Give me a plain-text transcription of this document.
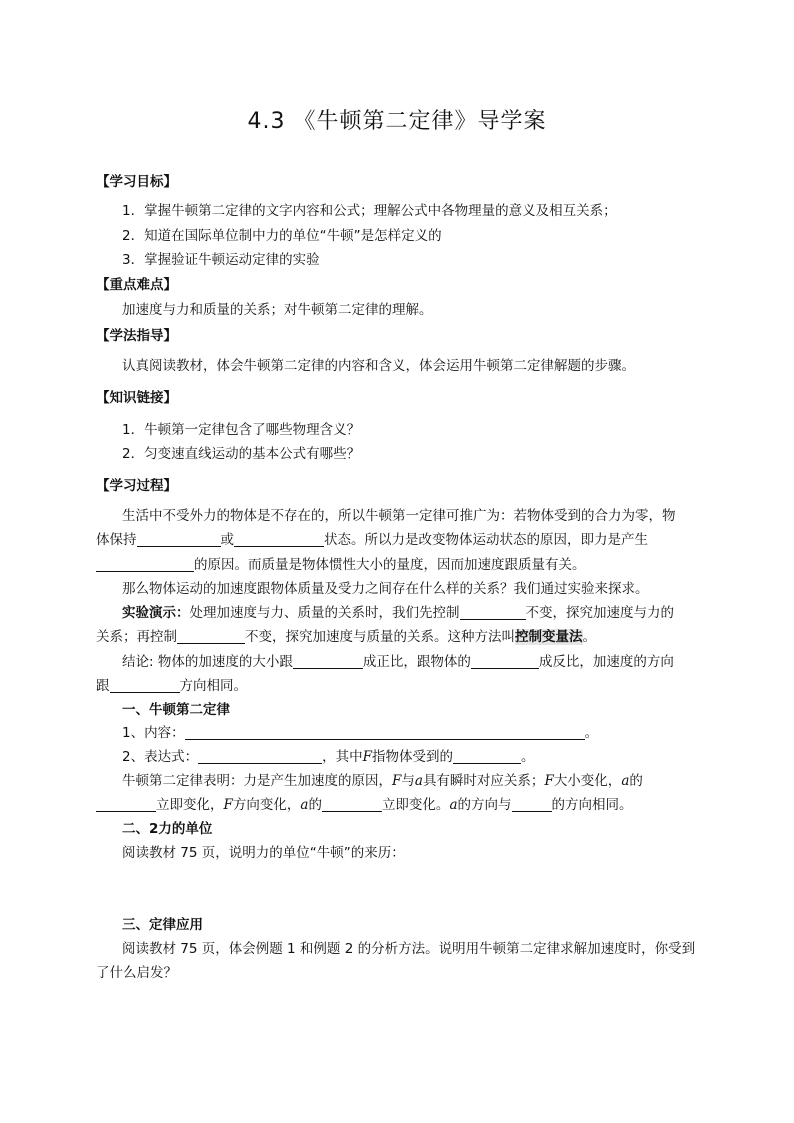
4.3 《牛顿第二定律》导学案
【学习目标】
1．掌握牛顿第二定律的文字内容和公式；理解公式中各物理量的意义及相互关系；
2．知道在国际单位制中力的单位“牛顿”是怎样定义的
3．掌握验证牛顿运动定律的实验
【重点难点】
加速度与力和质量的关系；对牛顿第二定律的理解。
【学法指导】
认真阅读教材，体会牛顿第二定律的内容和含义，体会运用牛顿第二定律解题的步骤。
【知识链接】
1．牛顿第一定律包含了哪些物理含义？
2．匀变速直线运动的基本公式有哪些？
【学习过程】
生活中不受外力的物体是不存在的，所以牛顿第一定律可推广为：若物体受到的合力为零，物
体保持	或	状态。所以力是改变物体运动状态的原因，即力是产生
的原因。而质量是物体惯性大小的量度，因而加速度跟质量有关。
那么物体运动的加速度跟物体质量及受力之间存在什么样的关系？我们通过实验来探求。
实验演示：处理加速度与力、质量的关系时，我们先控制	不变，探究加速度与力的
关系；再控制	不变，探究加速度与质量的关系。这种方法叫控制变量法。
结论: 物体的加速度的大小跟	成正比，跟物体的	成反比，加速度的方向
跟	方向相同。
一、牛顿第二定律
1、内容：	。
2、表达式：	，其中F指物体受到的	。
牛顿第二定律表明：力是产生加速度的原因，F与a具有瞬时对应关系；F大小变化，a的
立即变化，F方向变化，a的	立即变化。a的方向与	的方向相同。
二、2力的单位
阅读教材 75 页，说明力的单位“牛顿”的来历：
三、定律应用
阅读教材 75 页，体会例题 1 和例题 2 的分析方法。说明用牛顿第二定律求解加速度时，你受到
了什么启发？
